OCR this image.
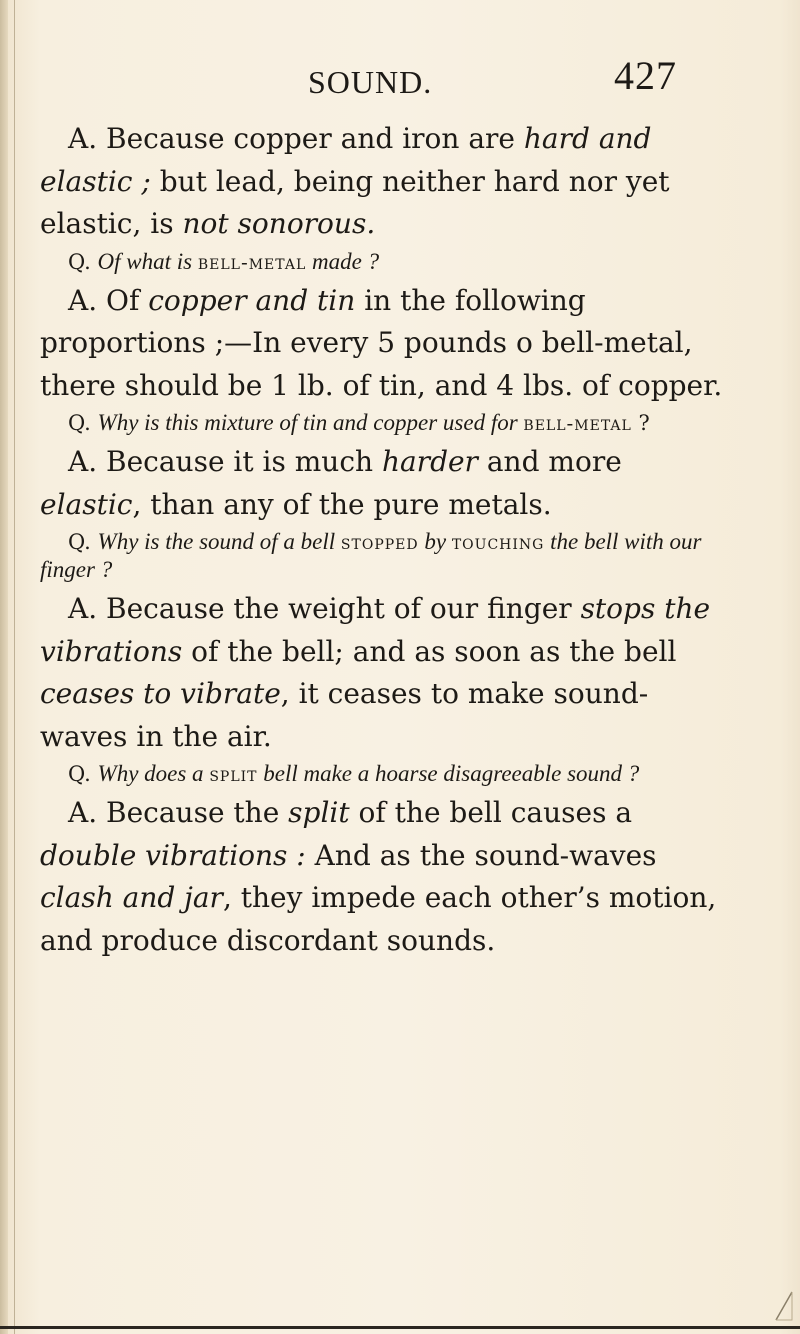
SOUND.	427

A. Because copper and iron are hard and elastic ; but lead, being neither hard nor yet elastic, is not sonorous.

Q. Of what is bell-metal made ?

A. Of copper and tin in the following proportions ;—In every 5 pounds o bell-metal, there should be 1 lb. of tin, and 4 lbs. of copper.

Q. Why is this mixture of tin and copper used for bell-metal ?

A. Because it is much harder and more elastic, than any of the pure metals.

Q. Why is the sound of a bell stopped by touching the bell with our finger ?

A. Because the weight of our finger stops the vibrations of the bell; and as soon as the bell ceases to vibrate, it ceases to make sound-waves in the air.

Q. Why does a split bell make a hoarse disagreeable sound ?

A. Because the split of the bell causes a double vibrations : And as the sound-waves clash and jar, they impede each other’s motion, and produce discordant sounds.
